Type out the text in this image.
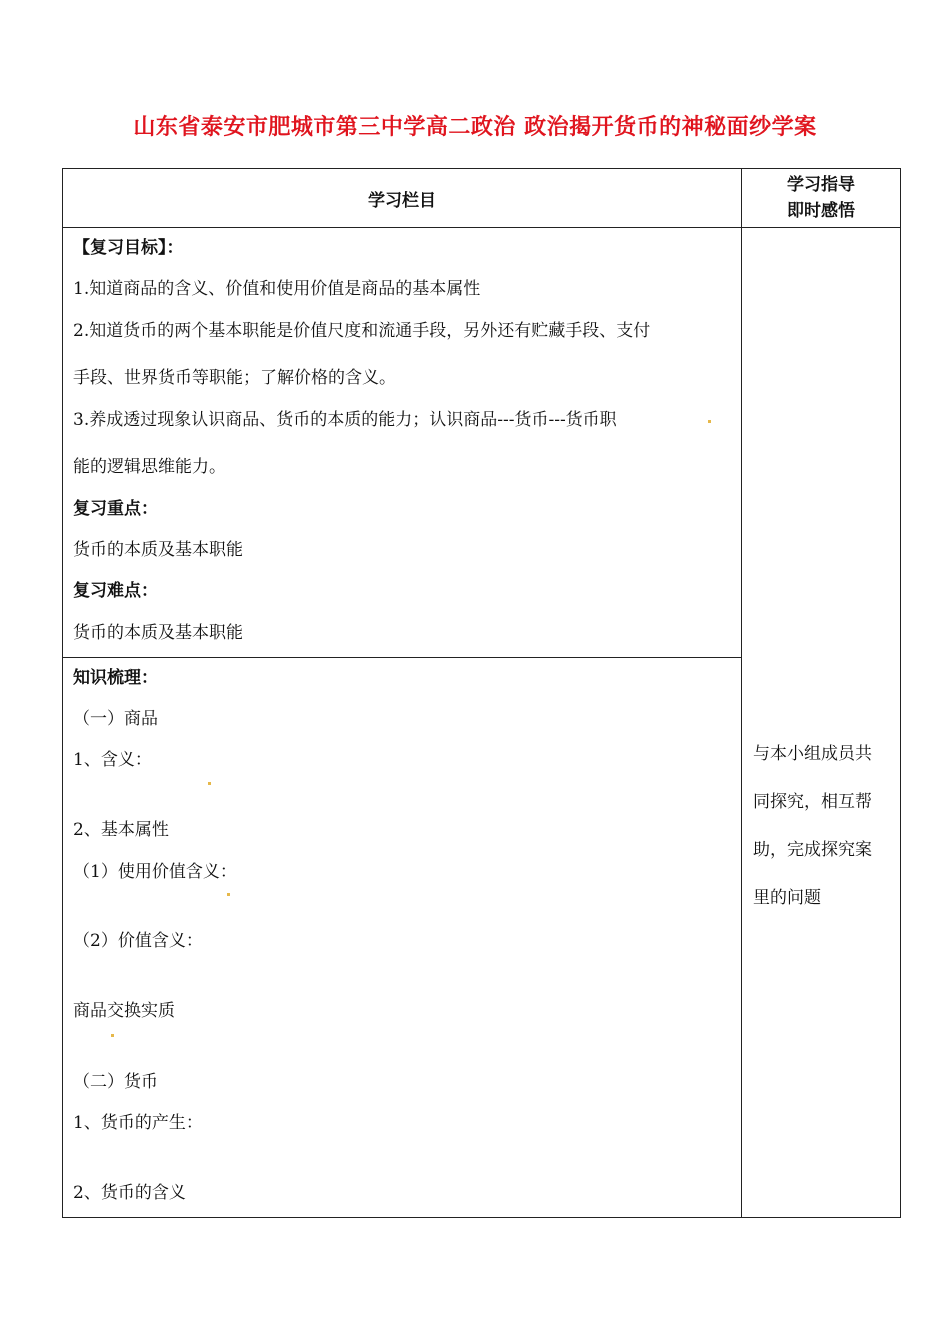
山东省泰安市肥城市第三中学高二政治 政治揭开货币的神秘面纱学案
学习栏目
学习指导
即时感悟
【复习目标】：
1.知道商品的含义、价值和使用价值是商品的基本属性
2.知道货币的两个基本职能是价值尺度和流通手段，另外还有贮藏手段、支付
手段、世界货币等职能；了解价格的含义。
3.养成透过现象认识商品、货币的本质的能力；认识商品---货币---货币职
能的逻辑思维能力。
复习重点：
货币的本质及基本职能
复习难点：
货币的本质及基本职能
知识梳理：
（一）商品
1、含义：
2、基本属性
（1）使用价值含义：
（2）价值含义：
商品交换实质
（二）货币
1、货币的产生：
2、货币的含义
与本小组成员共
同探究，相互帮
助，完成探究案
里的问题
